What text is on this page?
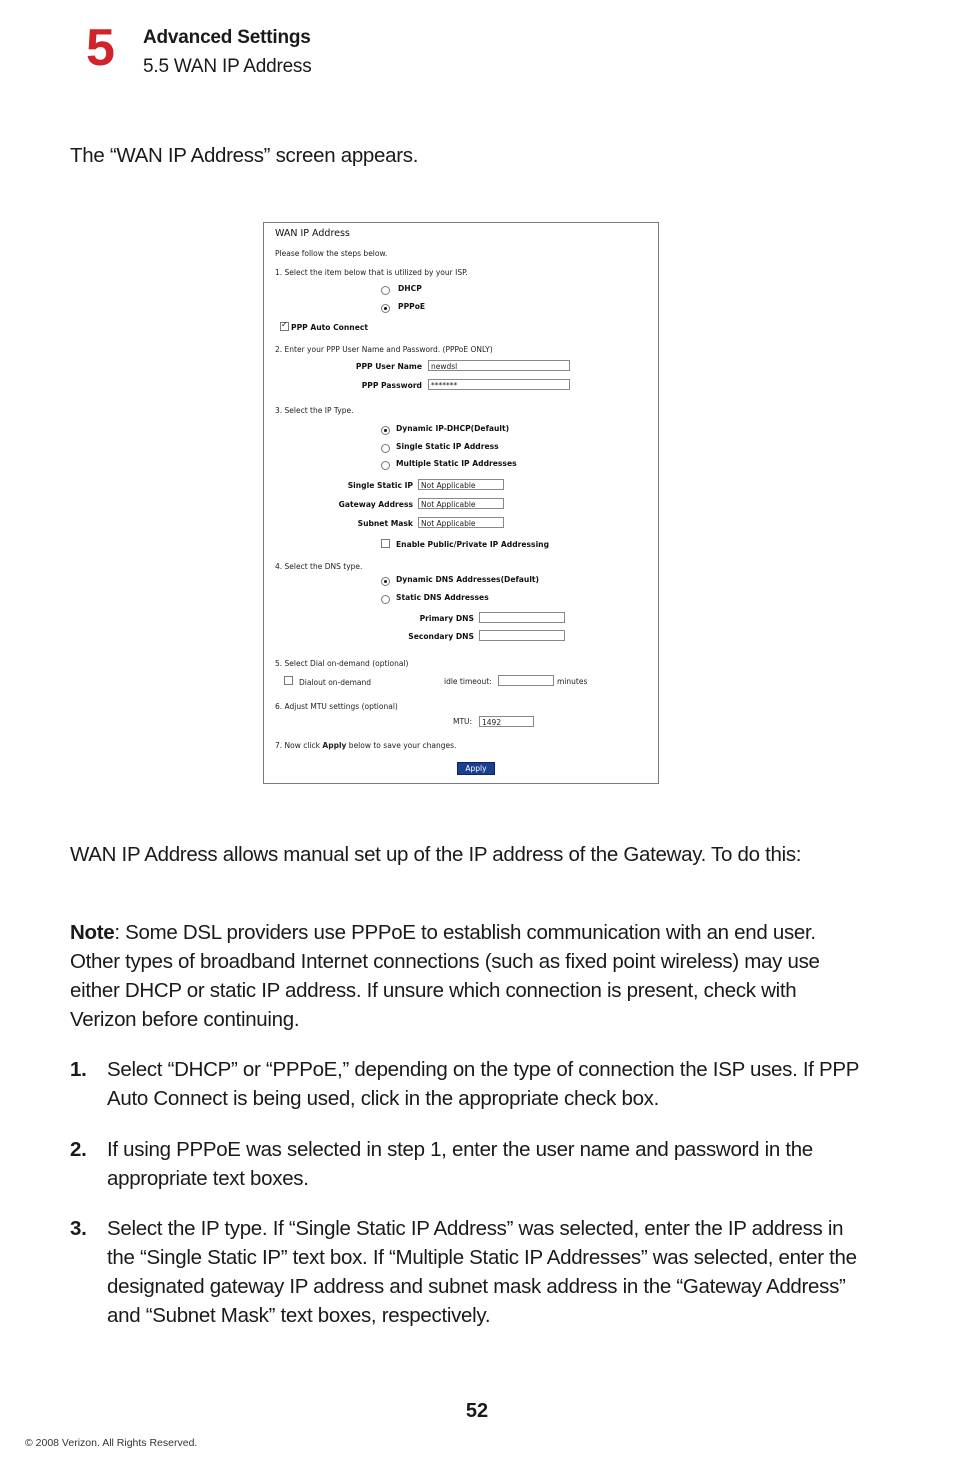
5 Advanced Settings
5.5 WAN IP Address
The “WAN IP Address” screen appears.
WAN IP Address
Please follow the steps below.
1. Select the item below that is utilized by your ISP.
DHCP
PPPoE
✓
PPP Auto Connect
2. Enter your PPP User Name and Password. (PPPoE ONLY)
PPP User Name	newdsl
PPP Password	*******
3. Select the IP Type.
Dynamic IP-DHCP(Default)
Single Static IP Address
Multiple Static IP Addresses
Single Static IP	Not Applicable
Gateway Address	Not Applicable
Subnet Mask	Not Applicable
Enable Public/Private IP Addressing
4. Select the DNS type.
Dynamic DNS Addresses(Default)
Static DNS Addresses
Primary DNS
Secondary DNS
5. Select Dial on-demand (optional)
Dialout on-demand	idle timeout:	minutes
6. Adjust MTU settings (optional)
MTU:	1492
7. Now click Apply below to save your changes.
Apply
WAN IP Address allows manual set up of the IP address of the Gateway. To do this:
Note: Some DSL providers use PPPoE to establish communication with an end user. Other types of broadband Internet connections (such as fixed point wireless) may use either DHCP or static IP address. If unsure which connection is present, check with Verizon before continuing.
1. Select “DHCP” or “PPPoE,” depending on the type of connection the ISP uses. If PPP Auto Connect is being used, click in the appropriate check box.
2. If using PPPoE was selected in step 1, enter the user name and password in the appropriate text boxes.
3. Select the IP type. If “Single Static IP Address” was selected, enter the IP address in the “Single Static IP” text box. If “Multiple Static IP Addresses” was selected, enter the designated gateway IP address and subnet mask address in the “Gateway Address” and “Subnet Mask” text boxes, respectively.
52
© 2008 Verizon. All Rights Reserved.
